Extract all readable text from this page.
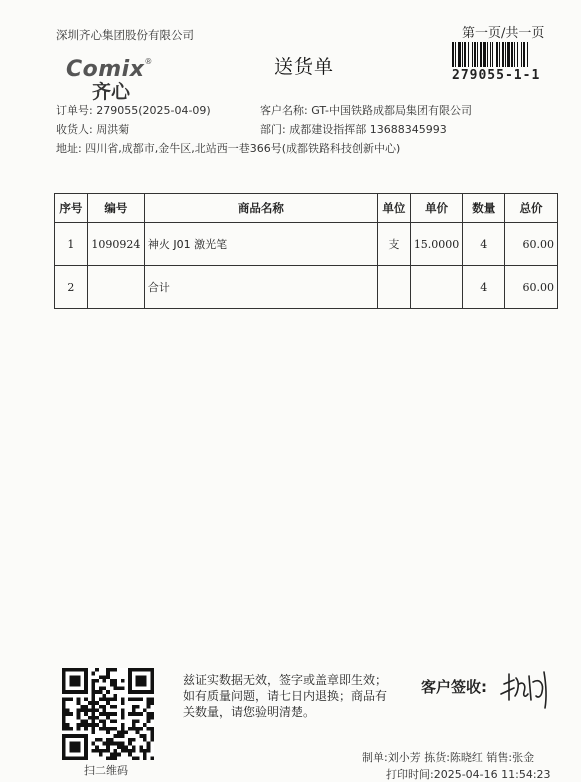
深圳齐心集团股份有限公司
送货单
第一页/共一页
279055-1-1
Comix®
齐心
订单号: 279055(2025-04-09)	客户名称: GT-中国铁路成都局集团有限公司
收货人: 周洪菊	部门: 成都建设指挥部 13688345993
地址: 四川省,成都市,金牛区,北站西一巷366号(成都铁路科技创新中心)
序号	编号	商品名称	单位	单价	数量	总价
1	1090924	神火 J01 激光笔	支	15.0000	4	60.00
2		合计			4	60.00
扫二维码
兹证实数据无效，签字或盖章即生效；如有质量问题，请七日内退换；商品有关数量，请您验明清楚。
客户签收:
制单:刘小芳 拣货:陈晓红 销售:张金
打印时间:2025-04-16 11:54:23
